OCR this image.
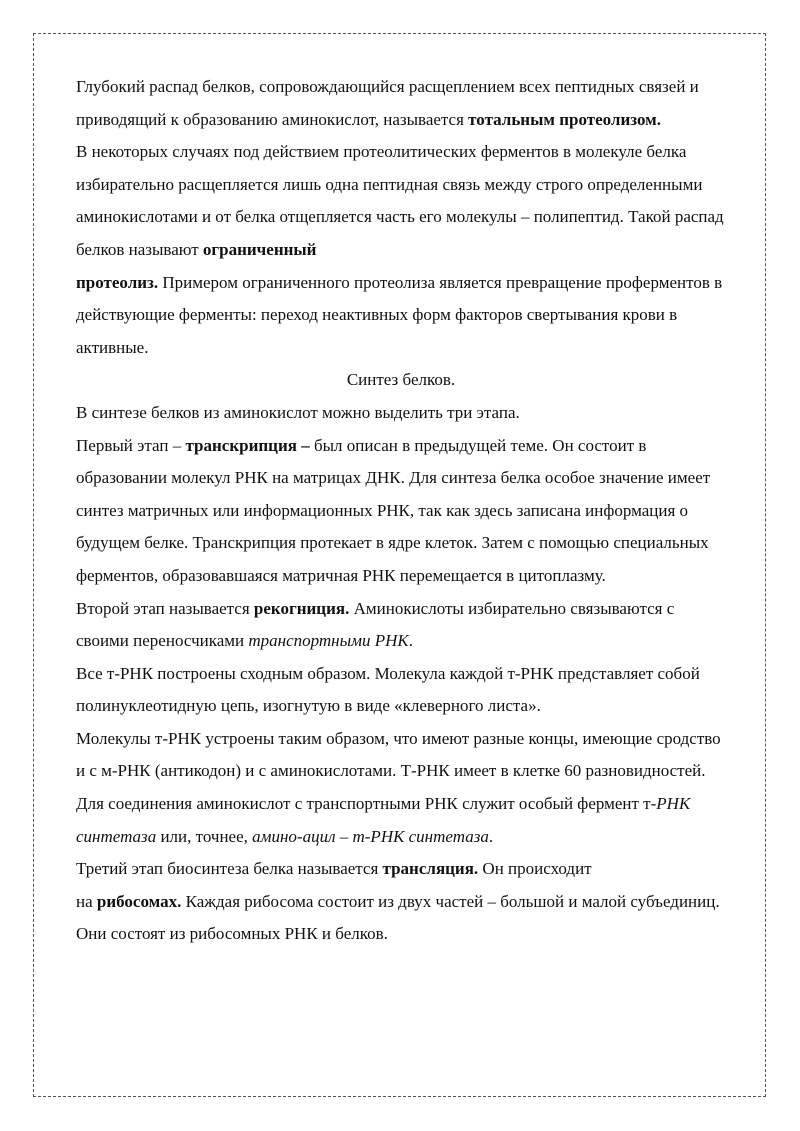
Глубокий распад белков, сопровождающийся расщеплением всех пептидных связей и приводящий к образованию аминокислот, называется тотальным протеолизом.

В некоторых случаях под действием протеолитических ферментов в молекуле белка избирательно расщепляется лишь одна пептидная связь между строго определенными аминокислотами и от белка отщепляется часть его молекулы – полипептид. Такой распад белков называют ограниченный
протеолиз. Примером ограниченного протеолиза является превращение проферментов в действующие ферменты: переход неактивных форм факторов свертывания крови в активные.

Синтез белков.

В синтезе белков из аминокислот можно выделить три этапа.

Первый этап – транскрипция – был описан в предыдущей теме. Он состоит в образовании молекул РНК на матрицах ДНК. Для синтеза белка особое значение имеет синтез матричных или информационных РНК, так как здесь записана информация о будущем белке. Транскрипция протекает в ядре клеток. Затем с помощью специальных ферментов, образовавшаяся матричная РНК перемещается в цитоплазму.

Второй этап называется рекогниция. Аминокислоты избирательно связываются с своими переносчиками транспортными РНК.

Все т-РНК построены сходным образом. Молекула каждой т-РНК представляет собой полинуклеотидную цепь, изогнутую в виде «клеверного листа».

Молекулы т-РНК устроены таким образом, что имеют разные концы, имеющие сродство и с м-РНК (антикодон) и с аминокислотами. Т-РНК имеет в клетке 60 разновидностей.

Для соединения аминокислот с транспортными РНК служит особый фермент т-РНК синтетаза или, точнее, амино-ацил – т-РНК синтетаза.

Третий этап биосинтеза белка называется трансляция. Он происходит
на рибосомах. Каждая рибосома состоит из двух частей – большой и малой субъединиц. Они состоят из рибосомных РНК и белков.
